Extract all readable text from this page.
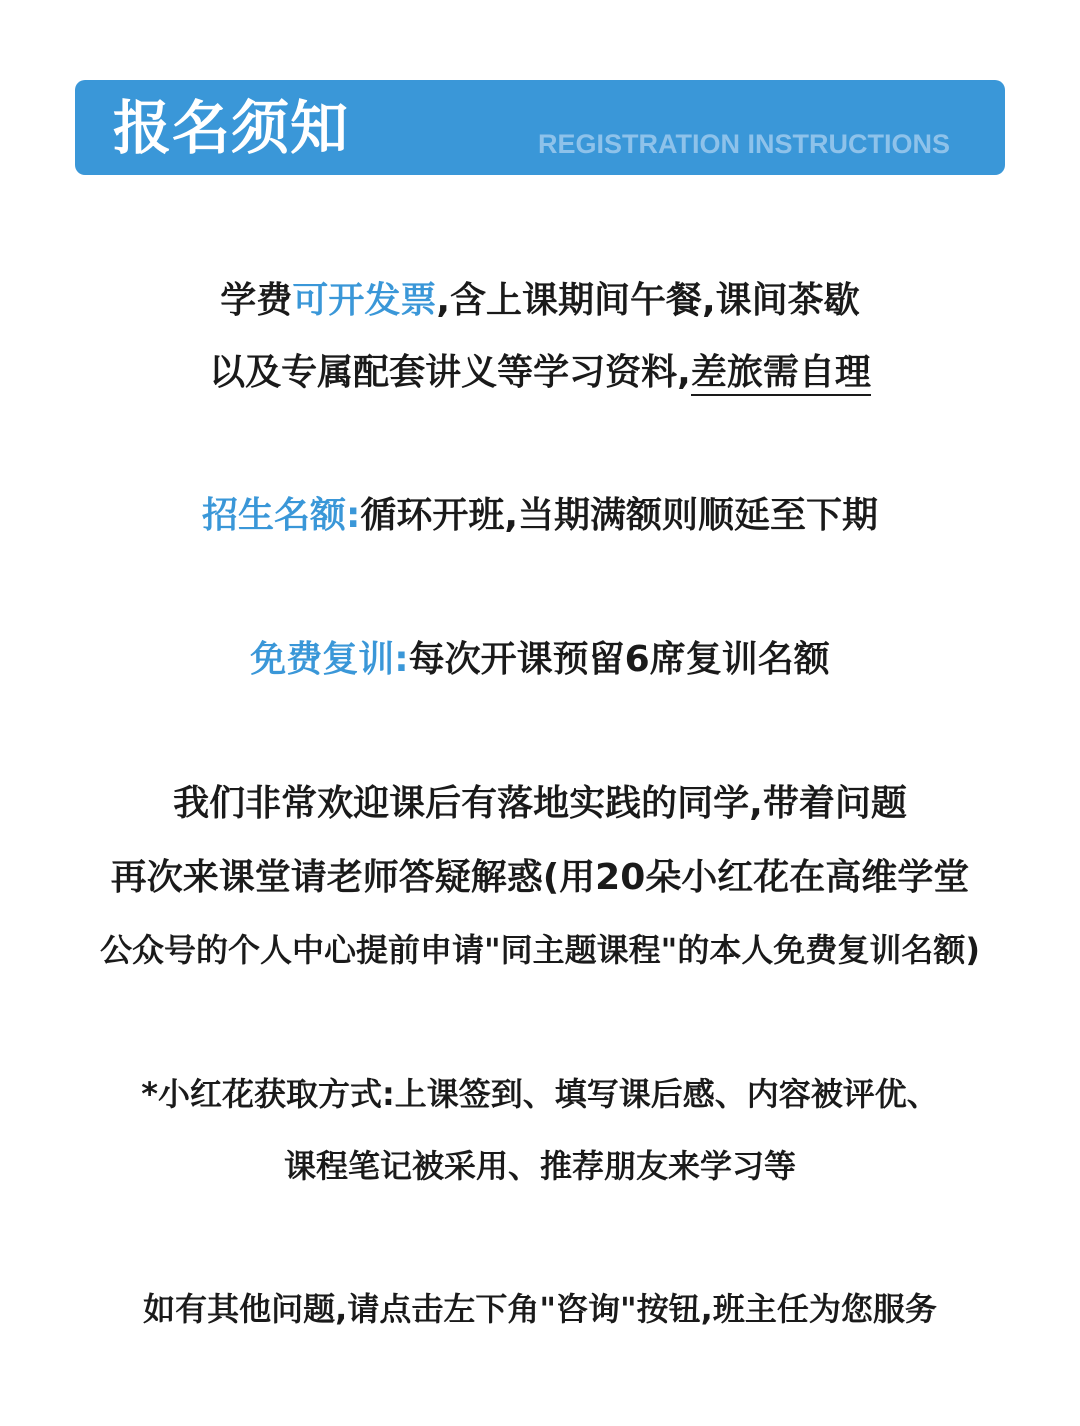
报名须知	REGISTRATION INSTRUCTIONS
学费可开发票,含上课期间午餐,课间茶歇
以及专属配套讲义等学习资料,差旅需自理
招生名额:循环开班,当期满额则顺延至下期
免费复训:每次开课预留6席复训名额
我们非常欢迎课后有落地实践的同学,带着问题
再次来课堂请老师答疑解惑(用20朵小红花在高维学堂
公众号的个人中心提前申请"同主题课程"的本人免费复训名额)
*小红花获取方式:上课签到、填写课后感、内容被评优、
课程笔记被采用、推荐朋友来学习等
如有其他问题,请点击左下角"咨询"按钮,班主任为您服务
